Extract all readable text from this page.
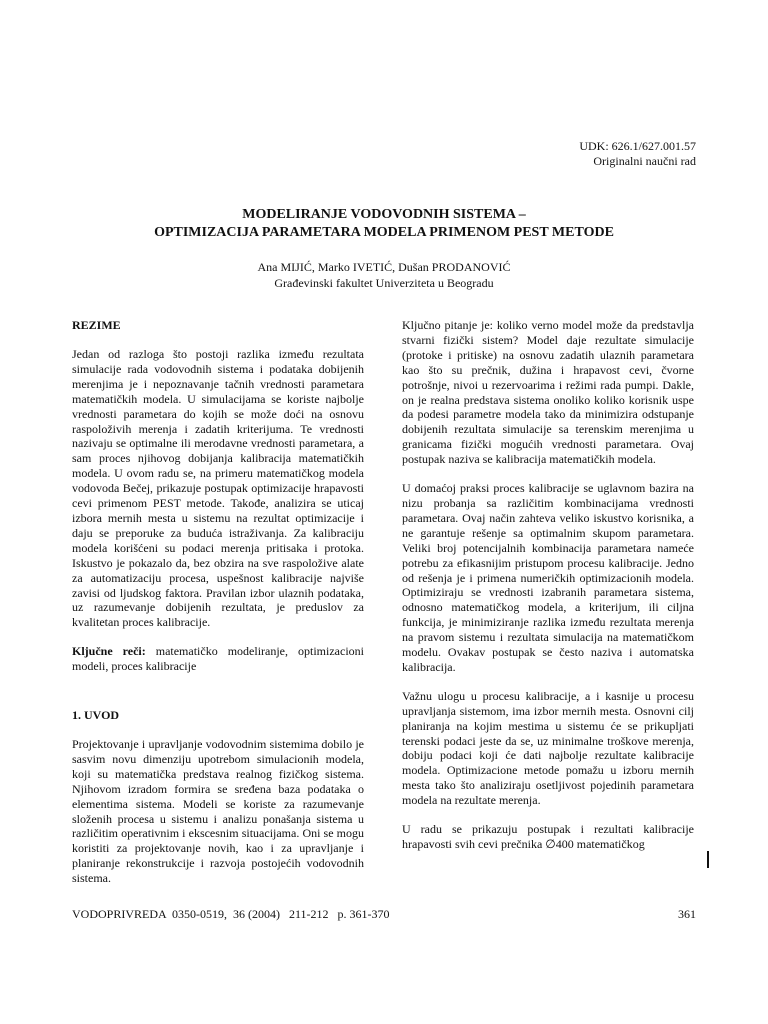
UDK: 626.1/627.001.57
Originalni naučni rad
MODELIRANJE VODOVODNIH SISTEMA –
OPTIMIZACIJA PARAMETARA MODELA PRIMENOM PEST METODE
Ana MIJIĆ, Marko IVETIĆ, Dušan PRODANOVIĆ
Građevinski fakultet Univerziteta u Beogradu
REZIME

Jedan od razloga što postoji razlika između rezultata simulacije rada vodovodnih sistema i podataka dobijenih merenjima je i nepoznavanje tačnih vrednosti parametara matematičkih modela. U simulacijama se koriste najbolje vrednosti parametara do kojih se može doći na osnovu raspoloživih merenja i zadatih kriterijuma. Te vrednosti nazivaju se optimalne ili merodavne vrednosti parametara, a sam proces njihovog dobijanja kalibracija matematičkih modela. U ovom radu se, na primeru matematičkog modela vodovoda Bečej, prikazuje postupak optimizacije hrapavosti cevi primenom PEST metode. Takođe, analizira se uticaj izbora mernih mesta u sistemu na rezultat optimizacije i daju se preporuke za buduća istraživanja. Za kalibraciju modela korišćeni su podaci merenja pritisaka i protoka. Iskustvo je pokazalo da, bez obzira na sve raspoložive alate za automatizaciju procesa, uspešnost kalibracije najviše zavisi od ljudskog faktora. Pravilan izbor ulaznih podataka, uz razumevanje dobijenih rezultata, je preduslov za kvalitetan proces kalibracije.

Ključne reči: matematičko modeliranje, optimizacioni modeli, proces kalibracije

1. UVOD

Projektovanje i upravljanje vodovodnim sistemima dobilo je sasvim novu dimenziju upotrebom simulacionih modela, koji su matematička predstava realnog fizičkog sistema. Njihovom izradom formira se sređena baza podataka o elementima sistema. Modeli se koriste za razumevanje složenih procesa u sistemu i analizu ponašanja sistema u različitim operativnim i ekscesnim situacijama. Oni se mogu koristiti za projektovanje novih, kao i za upravljanje i planiranje rekonstrukcije i razvoja postojećih vodovodnih sistema.

Ključno pitanje je: koliko verno model može da predstavlja stvarni fizički sistem? Model daje rezultate simulacije (protoke i pritiske) na osnovu zadatih ulaznih parametara kao što su prečnik, dužina i hrapavost cevi, čvorne potrošnje, nivoi u rezervoarima i režimi rada pumpi. Dakle, on je realna predstava sistema onoliko koliko korisnik uspe da podesi parametre modela tako da minimizira odstupanje dobijenih rezultata simulacije sa terenskim merenjima u granicama fizički mogućih vrednosti parametara. Ovaj postupak naziva se kalibracija matematičkih modela.

U domaćoj praksi proces kalibracije se uglavnom bazira na nizu probanja sa različitim kombinacijama vrednosti parametara. Ovaj način zahteva veliko iskustvo korisnika, a ne garantuje rešenje sa optimalnim skupom parametara. Veliki broj potencijalnih kombinacija parametara nameće potrebu za efikasnijim pristupom procesu kalibracije. Jedno od rešenja je i primena numeričkih optimizacionih modela. Optimiziraju se vrednosti izabranih parametara sistema, odnosno matematičkog modela, a kriterijum, ili ciljna funkcija, je minimiziranje razlika između rezultata merenja na pravom sistemu i rezultata simulacija na matematičkom modelu. Ovakav postupak se često naziva i automatska kalibracija.

Važnu ulogu u procesu kalibracije, a i kasnije u procesu upravljanja sistemom, ima izbor mernih mesta. Osnovni cilj planiranja na kojim mestima u sistemu će se prikupljati terenski podaci jeste da se, uz minimalne troškove merenja, dobiju podaci koji će dati najbolje rezultate kalibracije modela. Optimizacione metode pomažu u izboru mernih mesta tako što analiziraju osetljivost pojedinih parametara modela na rezultate merenja.

U radu se prikazuju postupak i rezultati kalibracije hrapavosti svih cevi prečnika ∅400 matematičkog

VODOPRIVREDA  0350-0519,  36 (2004)   211-212   p. 361-370	361
